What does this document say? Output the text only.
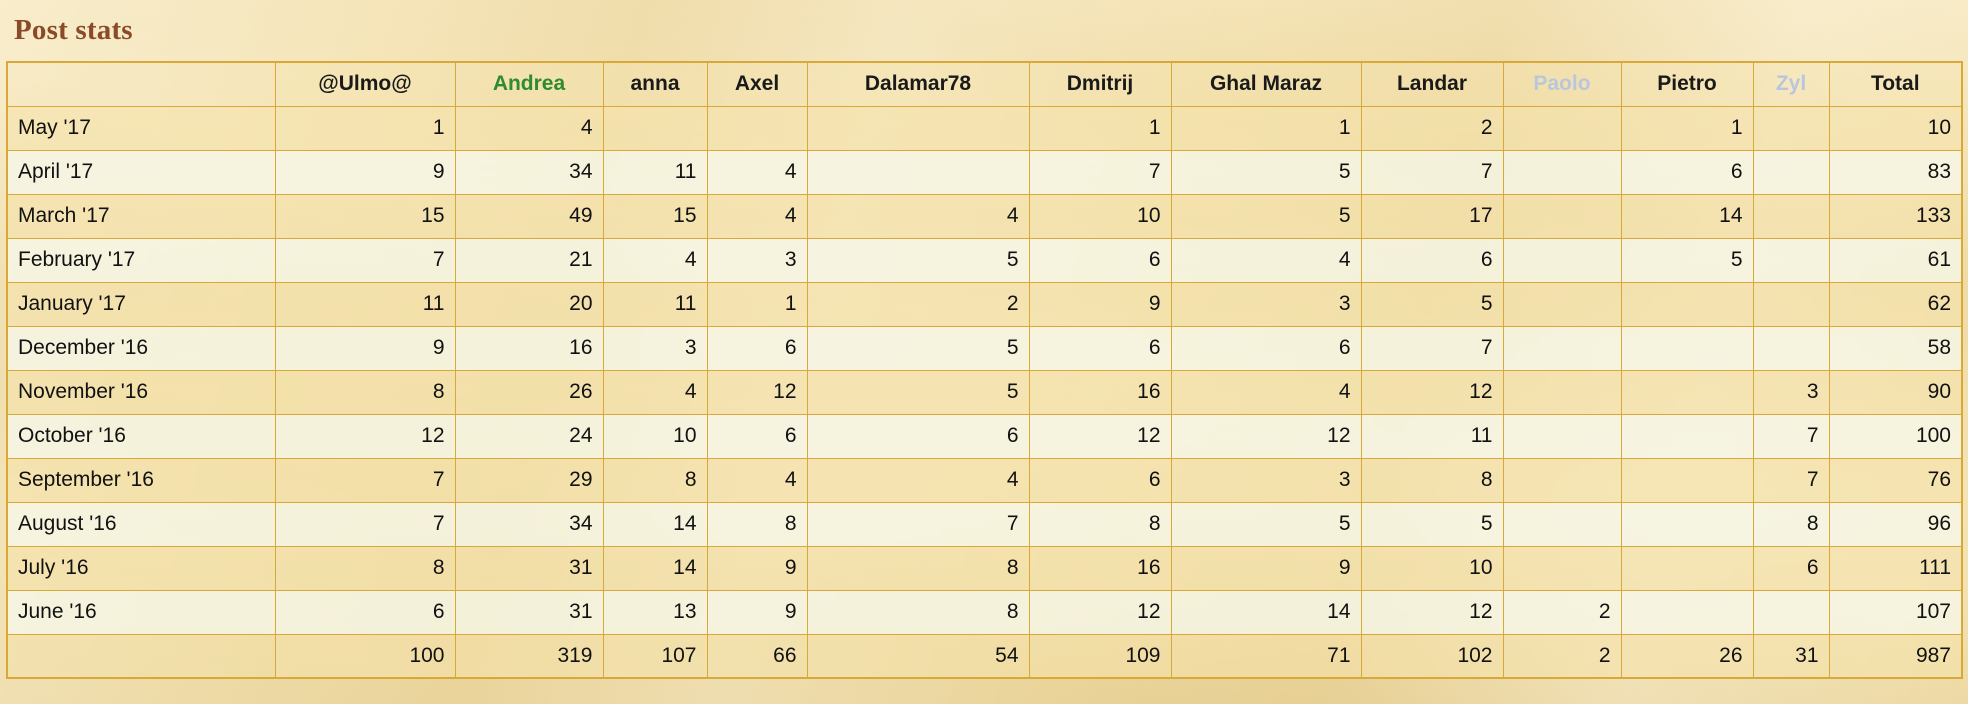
Post stats
	@Ulmo@	Andrea	anna	Axel	Dalamar78	Dmitrij	Ghal Maraz	Landar	Paolo	Pietro	Zyl	Total
May '17	1	4				1	1	2		1		10
April '17	9	34	11	4		7	5	7		6		83
March '17	15	49	15	4	4	10	5	17		14		133
February '17	7	21	4	3	5	6	4	6		5		61
January '17	11	20	11	1	2	9	3	5				62
December '16	9	16	3	6	5	6	6	7				58
November '16	8	26	4	12	5	16	4	12			3	90
October '16	12	24	10	6	6	12	12	11			7	100
September '16	7	29	8	4	4	6	3	8			7	76
August '16	7	34	14	8	7	8	5	5			8	96
July '16	8	31	14	9	8	16	9	10			6	111
June '16	6	31	13	9	8	12	14	12	2			107
	100	319	107	66	54	109	71	102	2	26	31	987
